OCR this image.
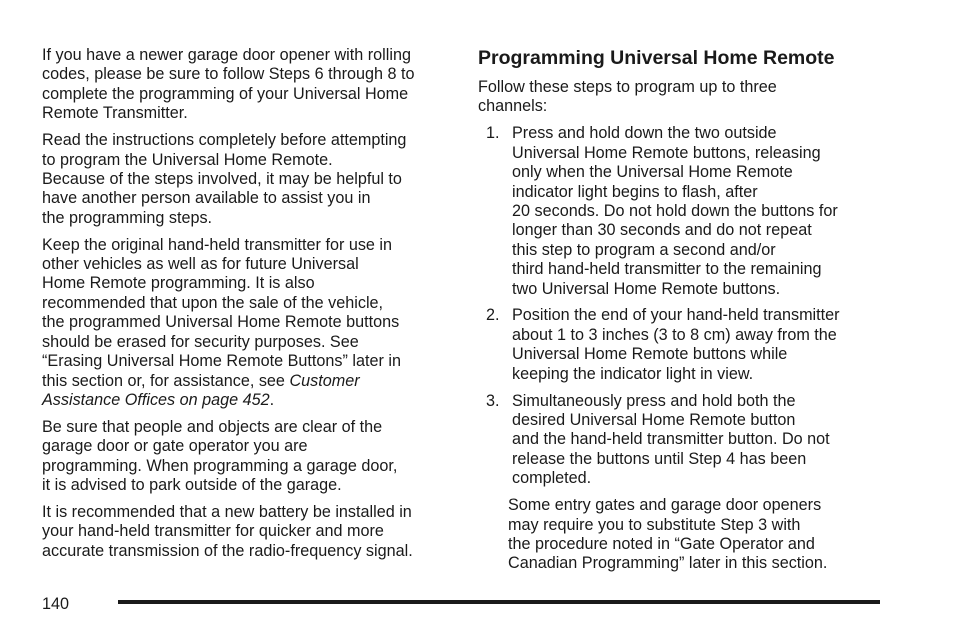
If you have a newer garage door opener with rolling
codes, please be sure to follow Steps 6 through 8 to
complete the programming of your Universal Home
Remote Transmitter.

Read the instructions completely before attempting
to program the Universal Home Remote.
Because of the steps involved, it may be helpful to
have another person available to assist you in
the programming steps.

Keep the original hand-held transmitter for use in
other vehicles as well as for future Universal
Home Remote programming. It is also
recommended that upon the sale of the vehicle,
the programmed Universal Home Remote buttons
should be erased for security purposes. See
“Erasing Universal Home Remote Buttons” later in
this section or, for assistance, see Customer
Assistance Offices on page 452.

Be sure that people and objects are clear of the
garage door or gate operator you are
programming. When programming a garage door,
it is advised to park outside of the garage.

It is recommended that a new battery be installed in
your hand-held transmitter for quicker and more
accurate transmission of the radio-frequency signal.

Programming Universal Home Remote

Follow these steps to program up to three
channels:

1. Press and hold down the two outside
Universal Home Remote buttons, releasing
only when the Universal Home Remote
indicator light begins to flash, after
20 seconds. Do not hold down the buttons for
longer than 30 seconds and do not repeat
this step to program a second and/or
third hand-held transmitter to the remaining
two Universal Home Remote buttons.
2. Position the end of your hand-held transmitter
about 1 to 3 inches (3 to 8 cm) away from the
Universal Home Remote buttons while
keeping the indicator light in view.
3. Simultaneously press and hold both the
desired Universal Home Remote button
and the hand-held transmitter button. Do not
release the buttons until Step 4 has been
completed.

Some entry gates and garage door openers
may require you to substitute Step 3 with
the procedure noted in “Gate Operator and
Canadian Programming” later in this section.

140
